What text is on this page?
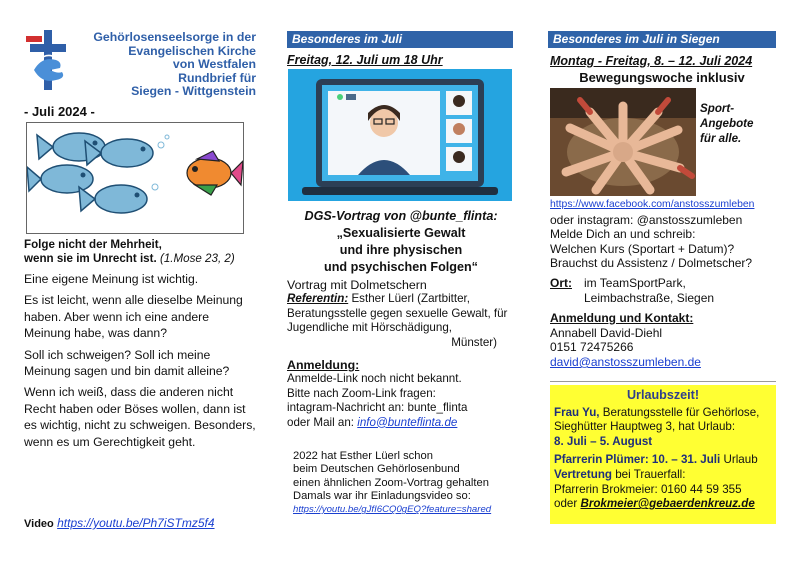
Gehörlosenseelsorge in der
Evangelischen Kirche
von Westfalen
Rundbrief für
Siegen - Wittgenstein
- Juli 2024 -
Folge nicht der Mehrheit,
wenn sie im Unrecht ist. (1.Mose 23, 2)

Eine eigene Meinung ist wichtig.

Es ist leicht, wenn alle dieselbe Meinung haben. Aber wenn ich eine andere Meinung habe, was dann?

Soll ich schweigen? Soll ich meine Meinung sagen und bin damit alleine?

Wenn ich weiß, dass die anderen nicht Recht haben oder Böses wollen, dann ist es wichtig, nicht zu schweigen. Besonders, wenn es um Gerechtigkeit geht.

Video https://youtu.be/Ph7iSTmz5f4
Besonderes im Juli
Freitag, 12. Juli um 18 Uhr
DGS-Vortrag von @bunte_flinta:
„Sexualisierte Gewalt
und ihre physischen
und psychischen Folgen“
Vortrag mit Dolmetschern
Referentin: Esther Lüerl (Zartbitter, Beratungsstelle gegen sexuelle Gewalt, für Jugendliche mit Hörschädigung,
Münster)
Anmeldung:
Anmelde-Link noch nicht bekannt.
Bitte nach Zoom-Link fragen:
intagram-Nachricht an: bunte_flinta
oder Mail an: info@bunteflinta.de
2022 hat Esther Lüerl schon
beim Deutschen Gehörlosenbund
einen ähnlichen Zoom-Vortrag gehalten
Damals war ihr Einladungsvideo so:
https://youtu.be/gJfI6CQ0gEQ?feature=shared
Besonderes im Juli in Siegen
Montag - Freitag, 8. – 12. Juli 2024
Bewegungswoche inklusiv
Sport-
Angebote
für alle.
https://www.facebook.com/anstosszumleben
oder instagram: @anstosszumleben
Melde Dich an und schreib:
Welchen Kurs (Sportart + Datum)?
Brauchst du Assistenz / Dolmetscher?
Ort:	im TeamSportPark,
Leimbachstraße, Siegen
Anmeldung und Kontakt:
Annabell David-Diehl
0151 72475266
david@anstosszumleben.de
Urlaubszeit!
Frau Yu, Beratungsstelle für Gehörlose, Sieghütter Hauptweg 3, hat Urlaub:
8. Juli – 5. August
Pfarrerin Plümer: 10. – 31. Juli Urlaub
Vertretung bei Trauerfall:
Pfarrerin Brokmeier: 0160 44 59 355
oder Brokmeier@gebaerdenkreuz.de
